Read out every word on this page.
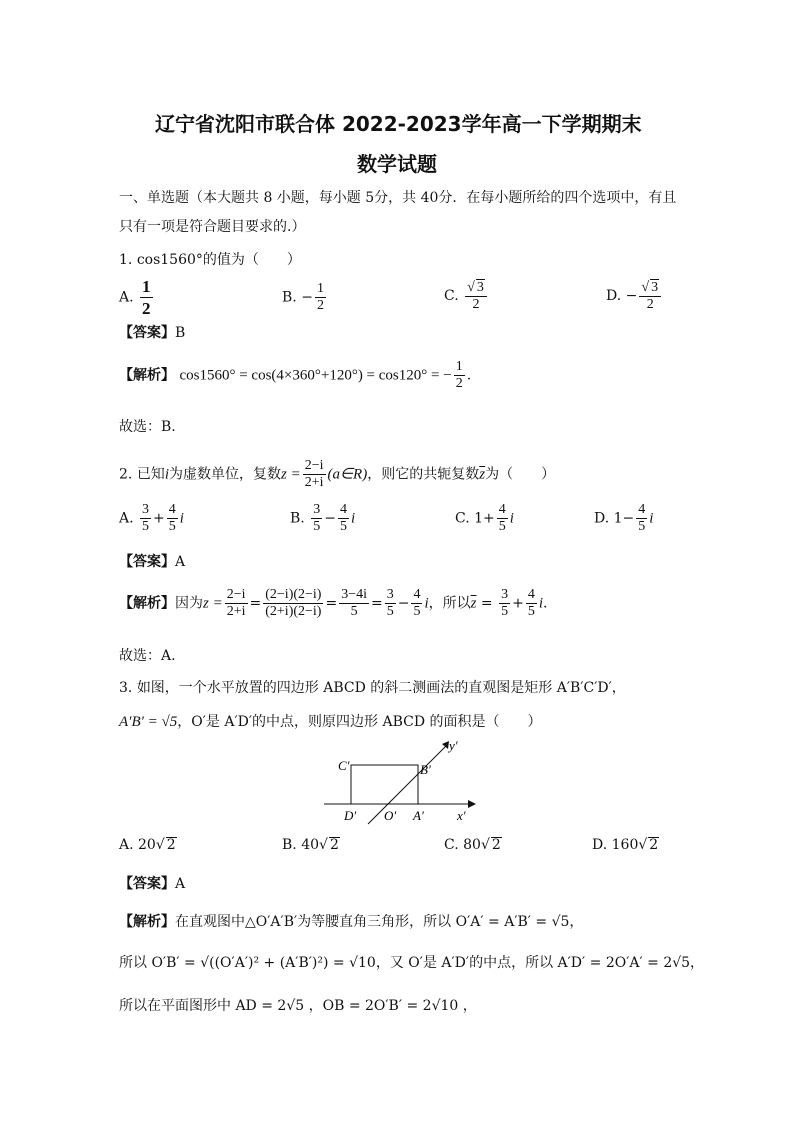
辽宁省沈阳市联合体 2022-2023学年高一下学期期末
数学试题
一、单选题（本大题共 8 小题，每小题 5分，共 40分．在每小题所给的四个选项中，有且
只有一项是符合题目要求的.）
1. cos1560°的值为（　　）
A. $\frac{1}{2}$	B. − $\frac{1}{2}$	C. $\frac{√ 3}{2}$	D. − $\frac{√ 3}{2}$
【答案】B
【解析】 cos1560° = cos(4×360°+120°) = cos120° = − $\frac{1}{2}$ .
故选：B.
2. 已知i为虚数单位，复数$z = \frac{2-i}{2+i}$ (a∈R)，则它的共轭复数$\overline{z}$为（　　）
A. $\frac{3}{5} + \frac{4}{5}$ i	B. $\frac{3}{5} - \frac{4}{5}$ i	C. $1+ \frac{4}{5}$ i	D. $1- \frac{4}{5}$ i
【答案】A
【解析】因为$z = \frac{2-i}{2+i} = \frac{(2-i)(2-i)}{(2+i)(2-i)} = \frac{3-4i}{5} = \frac{3}{5} - \frac{4}{5}$ i，所以$\overline{z} = \frac{3}{5} + \frac{4}{5} i$.
故选：A.
3. 如图，一个水平放置的四边形 ABCD 的斜二测画法的直观图是矩形 A′B′C′D′，
A′B′ = √5，O′是 A′D′的中点，则原四边形 ABCD 的面积是（　　）
C′	B′
D′ O′ A′	x′
y′
A. 20√ 2	B. 40√ 2	C. 80√ 2	D. 160√ 2
【答案】A
【解析】在直观图中△O′A′B′为等腰直角三角形，所以 O′A′ = A′B′ = √5，
所以 O′B′ = √((O′A′)² + (A′B′)²) = √10，又 O′是 A′D′的中点，所以 A′D′ = 2O′A′ = 2√5，
所以在平面图形中 AD = 2√5 ，OB = 2O′B′ = 2√10 ，
